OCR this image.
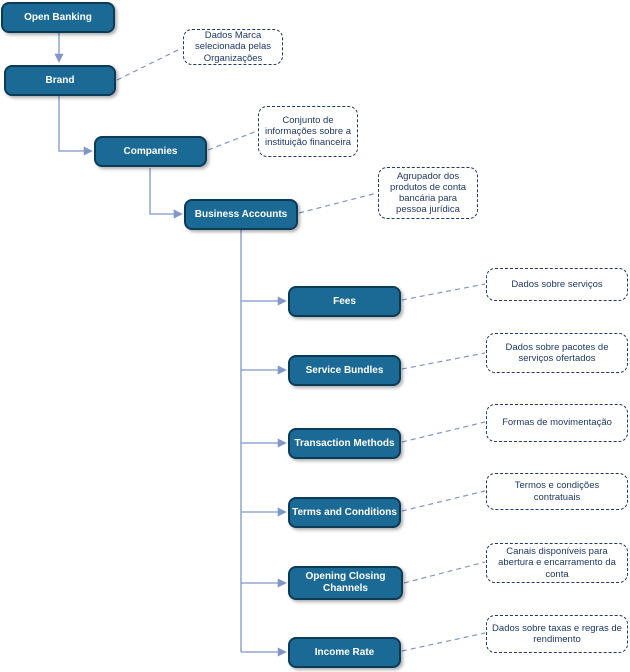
Open Banking
Brand
Companies
Business Accounts
Fees
Service Bundles
Transaction Methods
Terms and Conditions
Opening Closing Channels
Income Rate
Dados Marca selecionada pelas Organizações
Conjunto de informações sobre a instituição financeira
Agrupador dos produtos de conta bancária para pessoa jurídica
Dados sobre serviços
Dados sobre pacotes de serviços ofertados
Formas de movimentação
Termos e condições contratuais
Canais disponíveis para abertura e encarramento da conta
Dados sobre taxas e regras de rendimento
